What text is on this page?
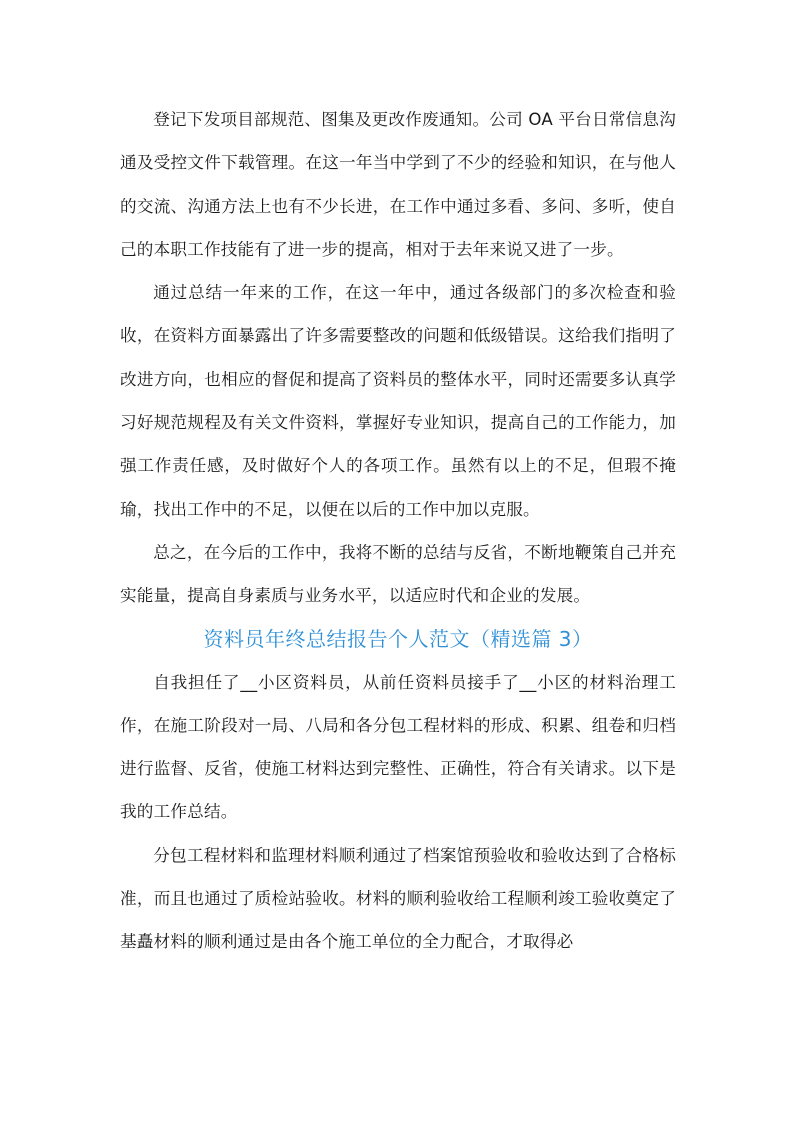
登记下发项目部规范、图集及更改作废通知。公司 OA 平台日常信息沟通及受控文件下载管理。在这一年当中学到了不少的经验和知识，在与他人的交流、沟通方法上也有不少长进，在工作中通过多看、多问、多听，使自己的本职工作技能有了进一步的提高，相对于去年来说又进了一步。

通过总结一年来的工作，在这一年中，通过各级部门的多次检查和验收，在资料方面暴露出了许多需要整改的问题和低级错误。这给我们指明了改进方向，也相应的督促和提高了资料员的整体水平，同时还需要多认真学习好规范规程及有关文件资料，掌握好专业知识，提高自己的工作能力，加强工作责任感，及时做好个人的各项工作。虽然有以上的不足，但瑕不掩瑜，找出工作中的不足，以便在以后的工作中加以克服。

总之，在今后的工作中，我将不断的总结与反省，不断地鞭策自己并充实能量，提高自身素质与业务水平，以适应时代和企业的发展。

资料员年终总结报告个人范文（精选篇 3）

自我担任了__小区资料员，从前任资料员接手了__小区的材料治理工作，在施工阶段对一局、八局和各分包工程材料的形成、积累、组卷和归档进行监督、反省，使施工材料达到完整性、正确性，符合有关请求。以下是我的工作总结。

分包工程材料和监理材料顺利通过了档案馆预验收和验收达到了合格标准，而且也通过了质检站验收。材料的顺利验收给工程顺利竣工验收奠定了基矗材料的顺利通过是由各个施工单位的全力配合，才取得必
